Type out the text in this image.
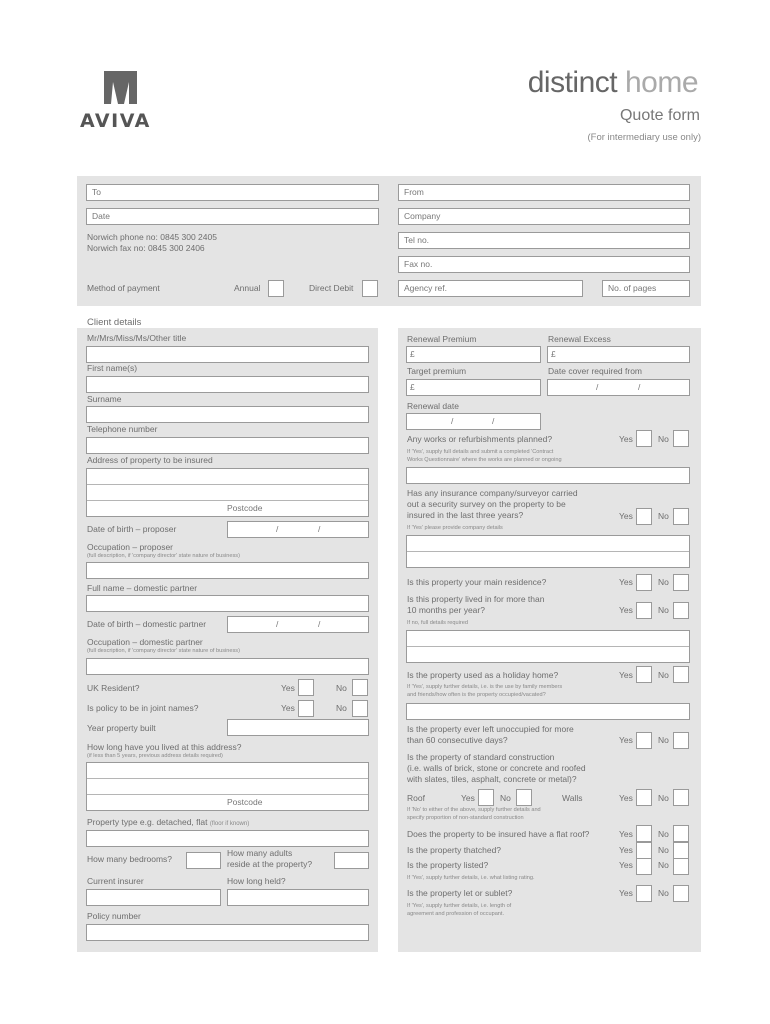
AVIVA
distinct home
Quote form
(For intermediary use only)
To
Date
Norwich phone no: 0845 300 2405
Norwich fax no: 0845 300 2406
Method of payment	Annual	Direct Debit
From
Company
Tel no.
Fax no.
Agency ref.	No. of pages
Client details
Mr/Mrs/Miss/Ms/Other title
First name(s)
Surname
Telephone number
Address of property to be insured
Postcode
Date of birth – proposer	/	/
Occupation – proposer
(full description, if 'company director' state nature of business)
Full name – domestic partner
Date of birth – domestic partner	/	/
Occupation – domestic partner
(full description, if 'company director' state nature of business)
UK Resident?	Yes	No
Is policy to be in joint names?	Yes	No
Year property built
How long have you lived at this address?
(if less than 5 years, previous address details required)
Postcode
Property type e.g. detached, flat (floor if known)
How many bedrooms?
How many adults
reside at the property?
Current insurer	How long held?
Policy number
Renewal Premium	Renewal Excess
£	£
Target premium	Date cover required from
£	/	/
Renewal date
/	/
Any works or refurbishments planned?	Yes	No
If 'Yes', supply full details and submit a completed 'Contract
Works Questionnaire' where the works are planned or ongoing
Has any insurance company/surveyor carried
out a security survey on the property to be
insured in the last three years?	Yes	No
If 'Yes' please provide company details
Is this property your main residence?	Yes	No
Is this property lived in for more than
10 months per year?	Yes	No
If no, full details required
Is the property used as a holiday home?	Yes	No
If 'Yes', supply further details, i.e. is the use by family members
and friends/how often is the property occupied/vacated?
Is the property ever left unoccupied for more
than 60 consecutive days?	Yes	No
Is the property of standard construction
(i.e. walls of brick, stone or concrete and roofed
with slates, tiles, asphalt, concrete or metal)?
Roof	Yes	No	Walls	Yes	No
If 'No' to either of the above, supply further details and
specify proportion of non-standard construction
Does the property to be insured have a flat roof?	Yes	No
Is the property thatched?	Yes	No
Is the property listed?	Yes	No
If 'Yes', supply further details, i.e. what listing rating.
Is the property let or sublet?	Yes	No
If 'Yes', supply further details, i.e. length of
agreement and profession of occupant.
